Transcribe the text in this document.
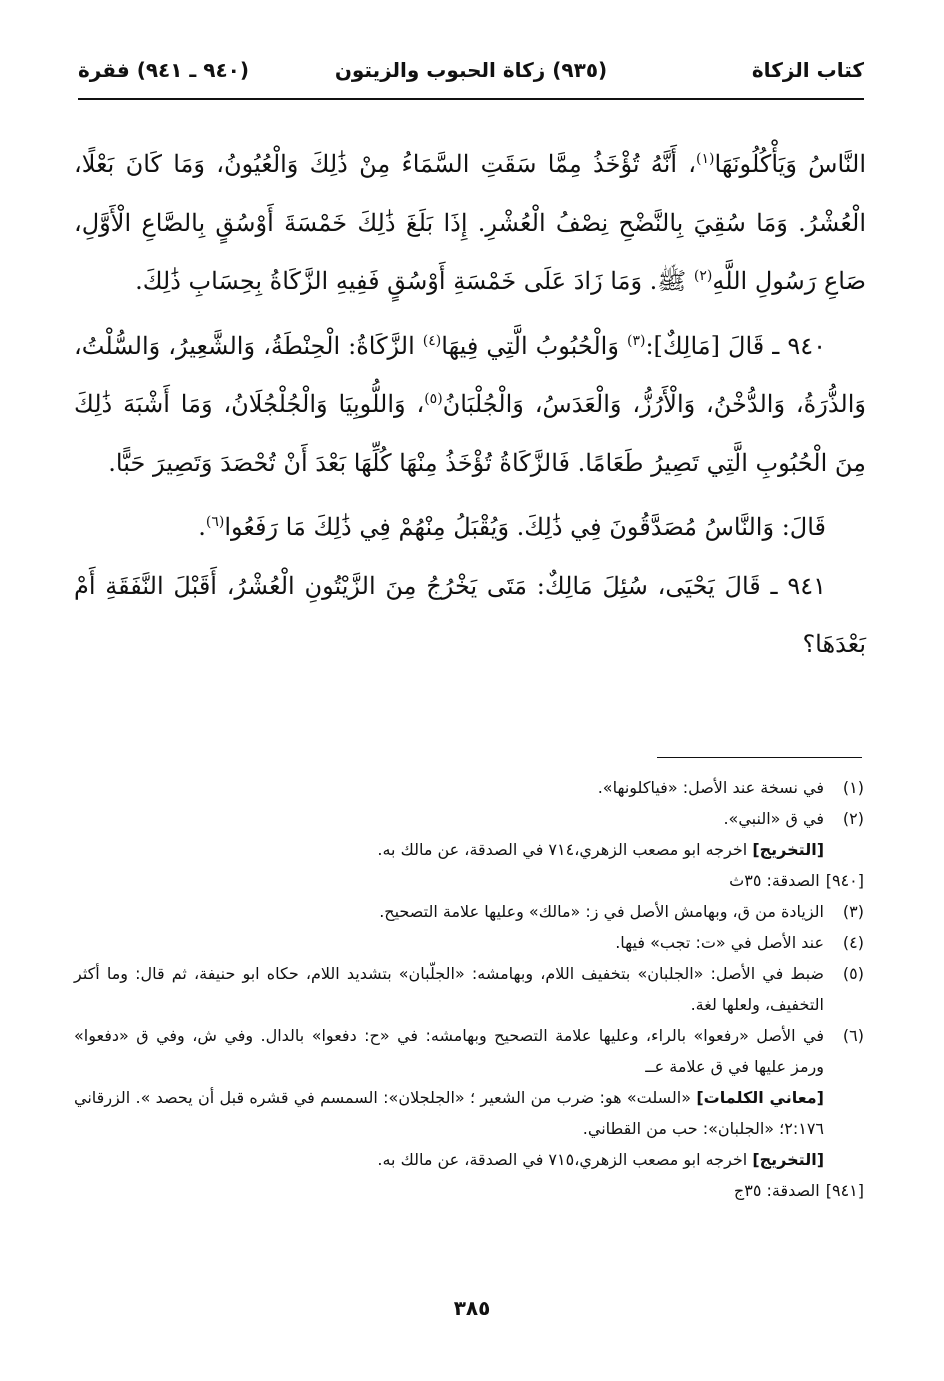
كتاب الزكاة
(٩٣٥) زكاة الحبوب والزيتون
(٩٤٠ ـ ٩٤١) فقرة

النَّاسُ وَيَأْكُلُونَهَا$^{(١)}$، أَنَّهُ تُؤْخَذُ مِمَّا سَقَتِ السَّمَاءُ مِنْ ذَٰلِكَ وَالْعُيُونُ، وَمَا كَانَ بَعْلًا، الْعُشْرُ. وَمَا سُقِيَ بِالنَّضْحِ نِصْفُ الْعُشْرِ. إِذَا بَلَغَ ذَٰلِكَ خَمْسَةَ أَوْسُقٍ بِالصَّاعِ الْأَوَّلِ، صَاعِ رَسُولِ اللَّهِ$^{(٢)}$ ﷺ. وَمَا زَادَ عَلَى خَمْسَةِ أَوْسُقٍ فَفِيهِ الزَّكَاةُ بِحِسَابِ ذَٰلِكَ.

٩٤٠ ـ قَالَ [مَالِكٌ]:$^{(٣)}$ وَالْحُبُوبُ الَّتِي فِيهَا$^{(٤)}$ الزَّكَاةُ: الْحِنْطَةُ، وَالشَّعِيرُ، وَالسُّلْتُ، وَالذُّرَةُ، وَالدُّخْنُ، وَالْأَرُزُّ، وَالْعَدَسُ، وَالْجُلْبَانُ$^{(٥)}$، وَاللُّوبِيَا وَالْجُلْجُلَانُ، وَمَا أَشْبَهَ ذَٰلِكَ مِنَ الْحُبُوبِ الَّتِي تَصِيرُ طَعَامًا. فَالزَّكَاةُ تُؤْخَذُ مِنْهَا كُلِّهَا بَعْدَ أَنْ تُحْصَدَ وَتَصِيرَ حَبًّا.

قَالَ: وَالنَّاسُ مُصَدَّقُونَ فِي ذَٰلِكَ. وَيُقْبَلُ مِنْهُمْ فِي ذَٰلِكَ مَا رَفَعُوا$^{(٦)}$.

٩٤١ ـ قَالَ يَحْيَى، سُئِلَ مَالِكٌ: مَتَى يَخْرُجُ مِنَ الزَّيْتُونِ الْعُشْرُ، أَقَبْلَ النَّفَقَةِ أَمْ بَعْدَهَا؟

(١)
في نسخة عند الأصل: «فياكلونها».
(٢)
في ق «النبي».
[التخريج] اخرجه ابو مصعب الزهري،٧١٤ في الصدقة، عن مالك به.
[٩٤٠]
الصدقة: ٣٥ث
(٣)
الزيادة من ق، وبهامش الأصل في ز: «مالك» وعليها علامة التصحيح.
(٤)
عند الأصل في «ت: تجب» فيها.
(٥)
ضبط في الأصل: «الجلبان» بتخفيف اللام، وبهامشه: «الجلّبان» بتشديد اللام، حكاه ابو حنيفة، ثم قال: وما أكثر التخفيف، ولعلها لغة.
(٦)
في الأصل «رفعوا» بالراء، وعليها علامة التصحيح وبهامشه: في «ح: دفعوا» بالدال. وفي ش، وفي ق «دفعوا» ورمز عليها في ق علامة عــ
[معاني الكلمات] «السلت» هو: ضرب من الشعير ؛ «الجلجلان»: السمسم في قشره قبل أن يحصد ». الزرقاني ٢:١٧٦؛ «الجلبان»: حب من القطاني.
[التخريج] اخرجه ابو مصعب الزهري،٧١٥ في الصدقة، عن مالك به.
[٩٤١]
الصدقة: ٣٥ج
٣٨٥
